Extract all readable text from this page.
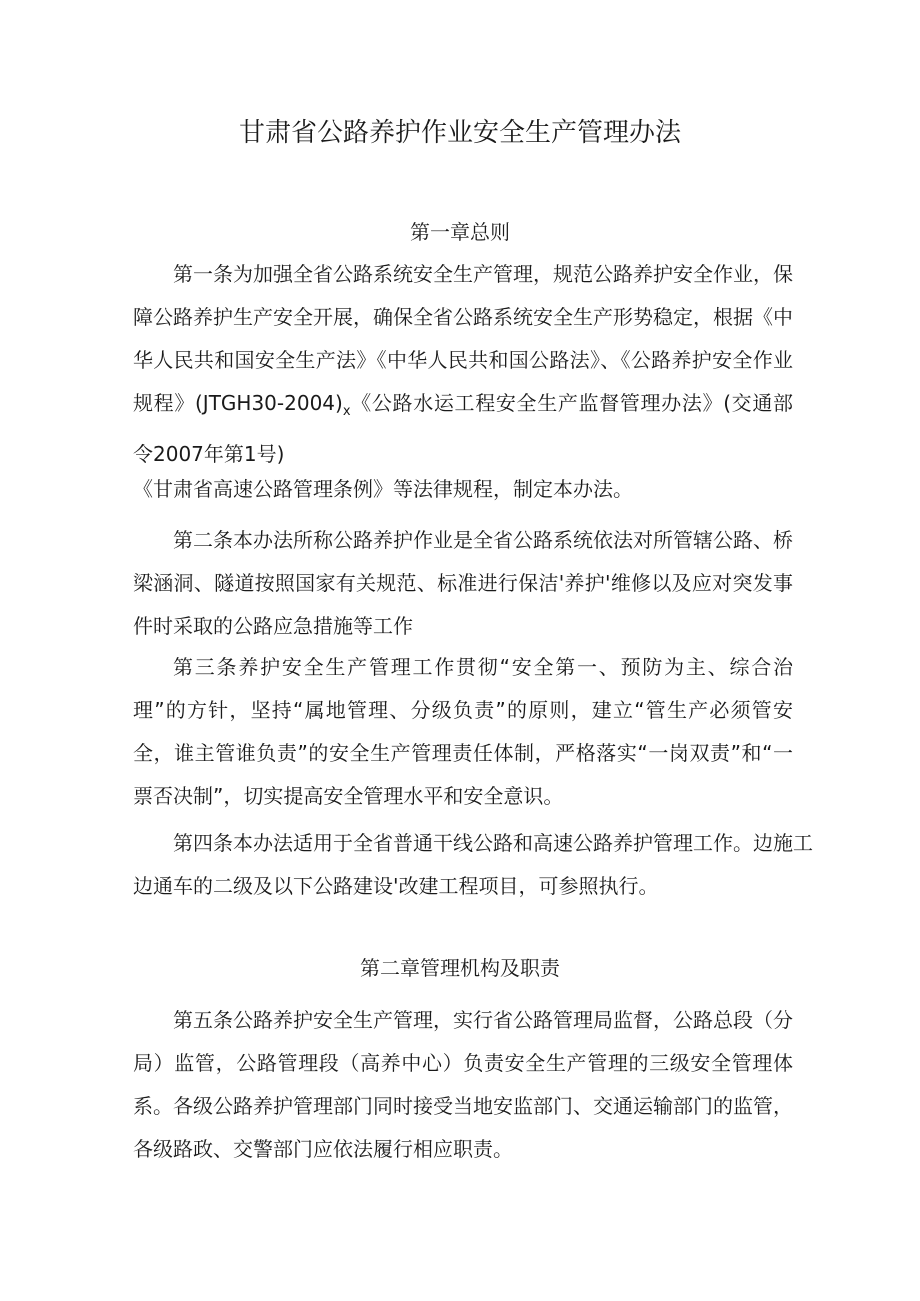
甘肃省公路养护作业安全生产管理办法
第一章总则

第一条为加强全省公路系统安全生产管理，规范公路养护安全作业，保障公路养护生产安全开展，确保全省公路系统安全生产形势稳定，根据《中华人民共和国安全生产法》《中华人民共和国公路法》、《公路养护安全作业规程》$(JTGH30-2004)_x$《公路水运工程安全生产监督管理办法》(交通部令2007年第1号)

《甘肃省高速公路管理条例》等法律规程，制定本办法。

第二条本办法所称公路养护作业是全省公路系统依法对所管辖公路、桥梁涵洞、隧道按照国家有关规范、标准进行保洁'养护'维修以及应对突发事件时采取的公路应急措施等工作

第三条养护安全生产管理工作贯彻“安全第一、预防为主、综合治理”的方针，坚持“属地管理、分级负责”的原则，建立“管生产必须管安全，谁主管谁负责”的安全生产管理责任体制，严格落实“一岗双责”和“一票否决制”，切实提高安全管理水平和安全意识。

第四条本办法适用于全省普通干线公路和高速公路养护管理工作。边施工边通车的二级及以下公路建设'改建工程项目，可参照执行。

第二章管理机构及职责

第五条公路养护安全生产管理，实行省公路管理局监督，公路总段（分局）监管，公路管理段（高养中心）负责安全生产管理的三级安全管理体系。各级公路养护管理部门同时接受当地安监部门、交通运输部门的监管，各级路政、交警部门应依法履行相应职责。
